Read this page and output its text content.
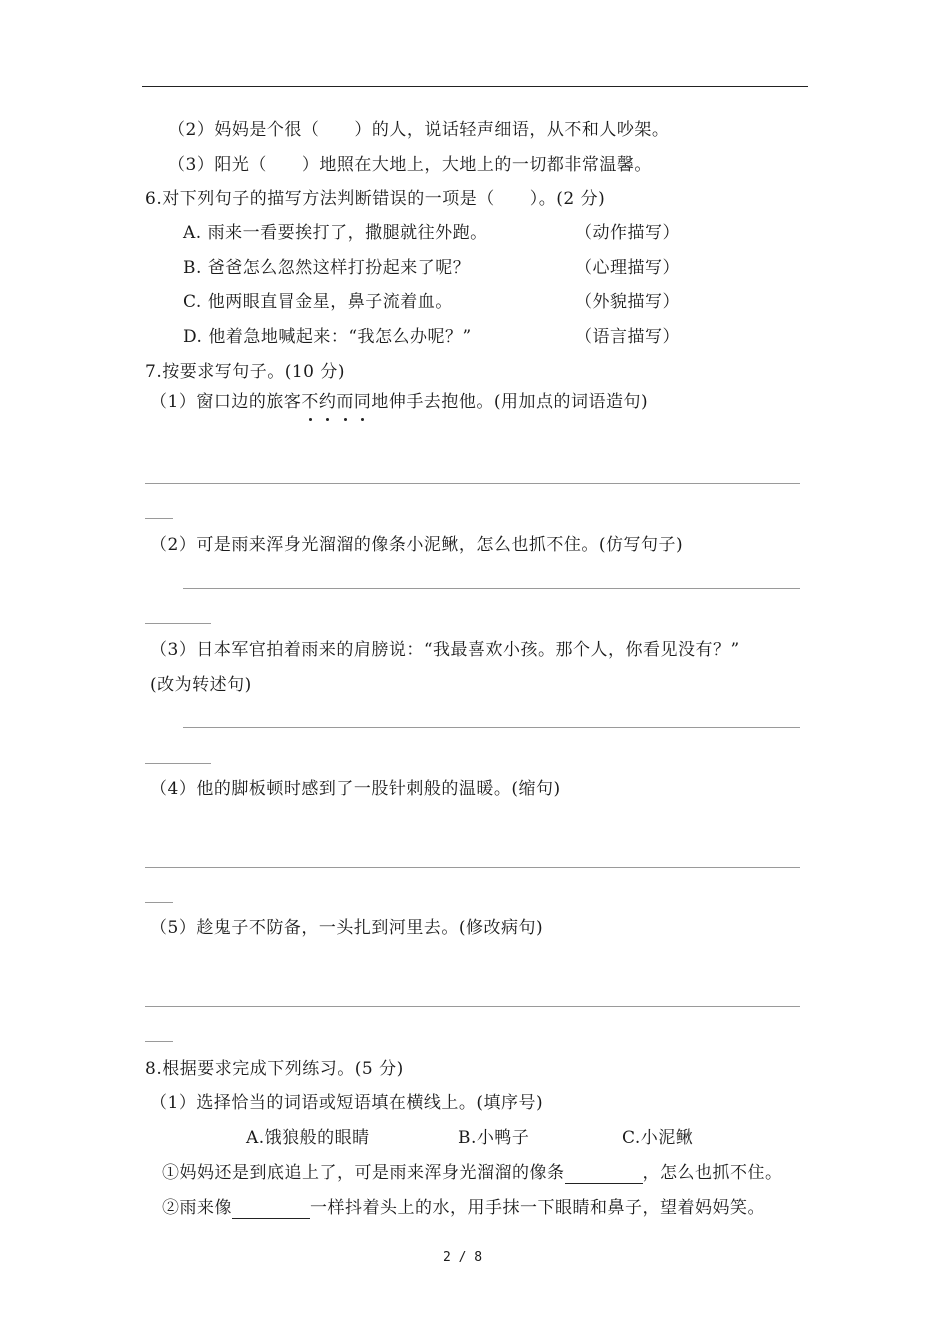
（2）妈妈是个很（　　）的人，说话轻声细语，从不和人吵架。
（3）阳光（　　）地照在大地上，大地上的一切都非常温馨。
6.对下列句子的描写方法判断错误的一项是（　　）。(2 分)
A. 雨来一看要挨打了，撒腿就往外跑。	（动作描写）
B. 爸爸怎么忽然这样打扮起来了呢？	（心理描写）
C. 他两眼直冒金星，鼻子流着血。	（外貌描写）
D. 他着急地喊起来：“我怎么办呢？”	（语言描写）
7.按要求写句子。(10 分)
（1）窗口边的旅客不约而同地伸手去抱他。(用加点的词语造句)
（2）可是雨来浑身光溜溜的像条小泥鳅，怎么也抓不住。(仿写句子)
（3）日本军官拍着雨来的肩膀说：“我最喜欢小孩。那个人，你看见没有？”
(改为转述句)
（4）他的脚板顿时感到了一股针刺般的温暖。(缩句)
（5）趁鬼子不防备，一头扎到河里去。(修改病句)
8.根据要求完成下列练习。(5 分)
（1）选择恰当的词语或短语填在横线上。(填序号)
A.饿狼般的眼睛	B.小鸭子	C.小泥鳅
①妈妈还是到底追上了，可是雨来浑身光溜溜的像条	，怎么也抓不住。
②雨来像	一样抖着头上的水，用手抹一下眼睛和鼻子，望着妈妈笑。
2 / 8
